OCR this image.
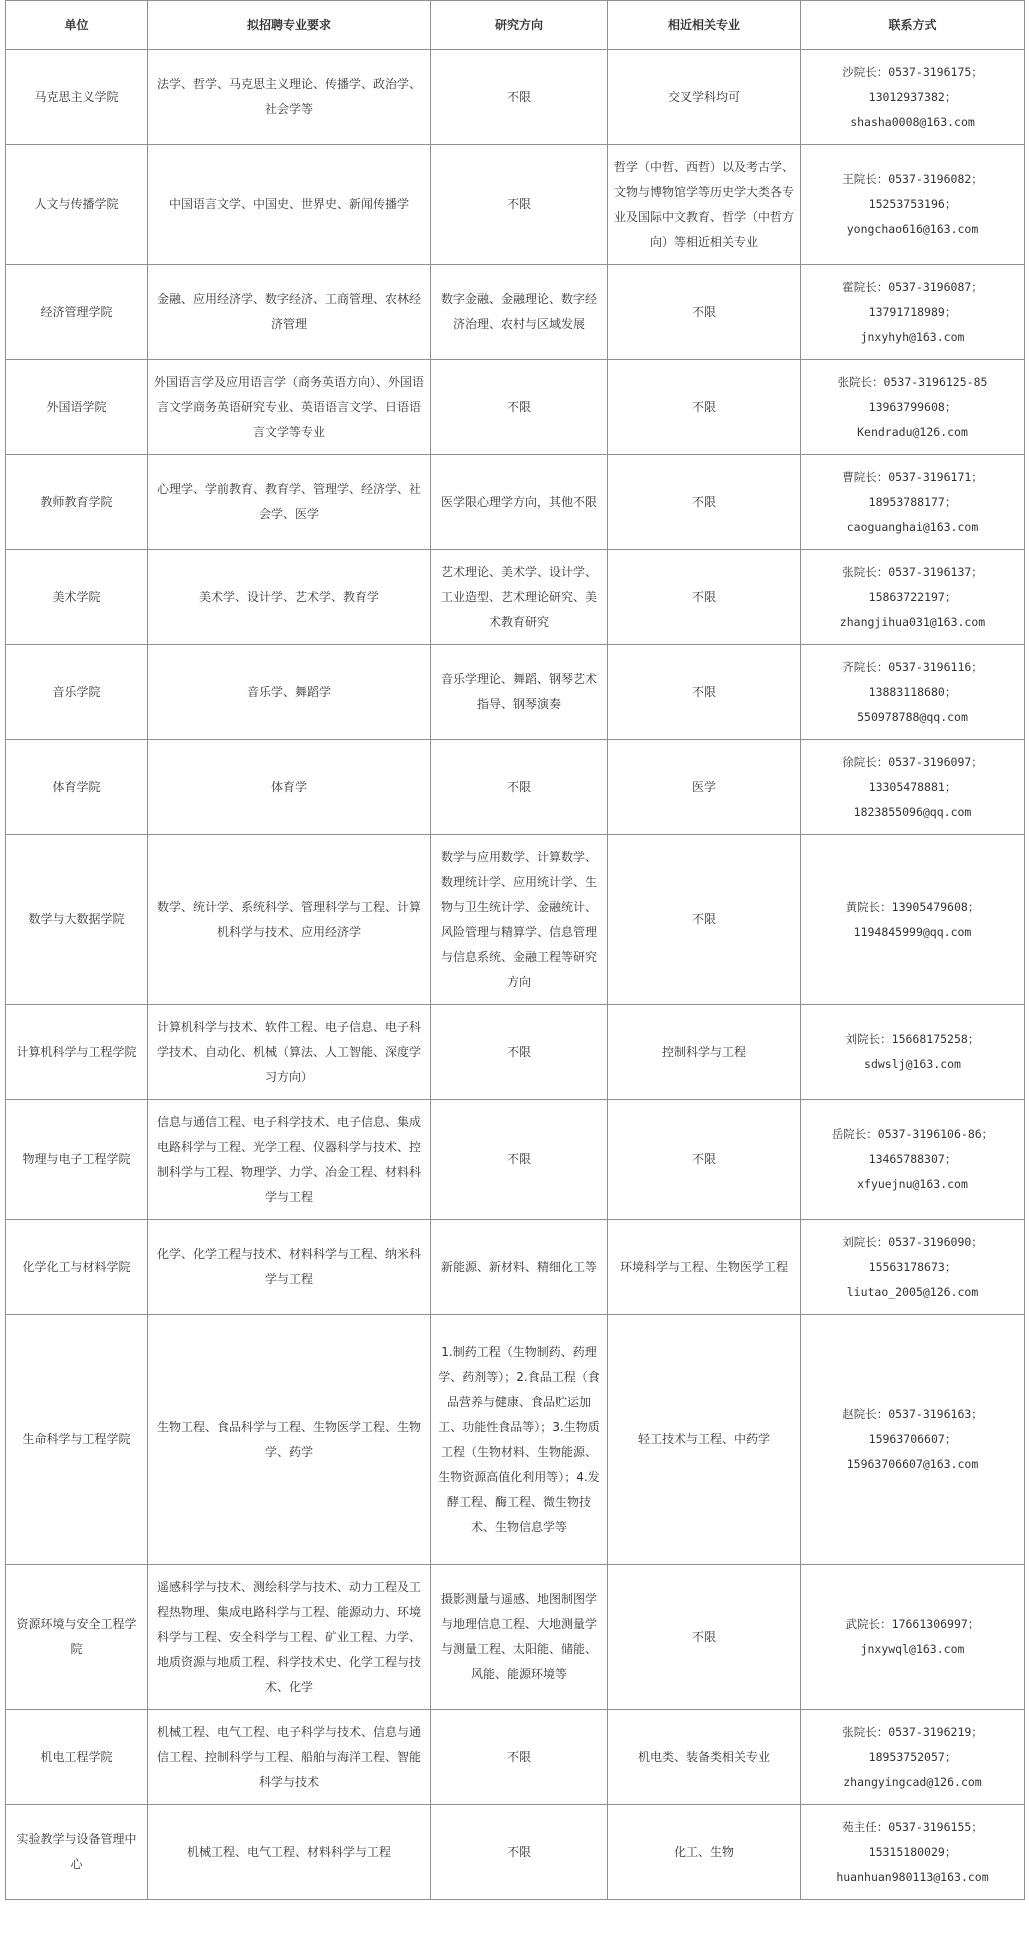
单位	拟招聘专业要求	研究方向	相近相关专业	联系方式
马克思主义学院	法学、哲学、马克思主义理论、传播学、政治学、社会学等	不限	交叉学科均可	沙院长：0537-3196175；
13012937382；
shasha0008@163.com

人文与传播学院	中国语言文学、中国史、世界史、新闻传播学	不限	哲学（中哲、西哲）以及考古学、文物与博物馆学等历史学大类各专业及国际中文教育、哲学（中哲方向）等相近相关专业	王院长：0537-3196082；
15253753196；
yongchao616@163.com

经济管理学院	金融、应用经济学、数字经济、工商管理、农林经济管理	数字金融、金融理论、数字经济治理、农村与区域发展	不限	霍院长：0537-3196087；
13791718989；
jnxyhyh@163.com

外国语学院	外国语言学及应用语言学（商务英语方向）、外国语言文学商务英语研究专业、英语语言文学、日语语言文学等专业	不限	不限	张院长：0537-3196125-85
13963799608；
Kendradu@126.com

教师教育学院	心理学、学前教育、教育学、管理学、经济学、社会学、医学	医学限心理学方向，其他不限	不限	曹院长：0537-3196171；
18953788177；
caoguanghai@163.com

美术学院	美术学、设计学、艺术学、教育学	艺术理论、美术学、设计学、工业造型、艺术理论研究、美术教育研究	不限	张院长：0537-3196137；
15863722197；
zhangjihua031@163.com

音乐学院	音乐学、舞蹈学	音乐学理论、舞蹈、钢琴艺术指导、钢琴演奏	不限	齐院长：0537-3196116；
13883118680；
550978788@qq.com

体育学院	体育学	不限	医学	徐院长：0537-3196097；
13305478881；
1823855096@qq.com

数学与大数据学院	数学、统计学、系统科学、管理科学与工程、计算机科学与技术、应用经济学	数学与应用数学、计算数学、数理统计学、应用统计学、生物与卫生统计学、金融统计、风险管理与精算学、信息管理与信息系统、金融工程等研究方向	不限	黄院长：13905479608；
1194845999@qq.com

计算机科学与工程学院	计算机科学与技术、软件工程、电子信息、电子科学技术、自动化、机械（算法、人工智能、深度学习方向）	不限	控制科学与工程	刘院长：15668175258；
sdwslj@163.com

物理与电子工程学院	信息与通信工程、电子科学技术、电子信息、集成电路科学与工程、光学工程、仪器科学与技术、控制科学与工程、物理学、力学、冶金工程、材料科学与工程	不限	不限	岳院长：0537-3196106-86；
13465788307；
xfyuejnu@163.com

化学化工与材料学院	化学、化学工程与技术、材料科学与工程、纳米科学与工程	新能源、新材料、精细化工等	环境科学与工程、生物医学工程	刘院长：0537-3196090；
15563178673；
liutao_2005@126.com

生命科学与工程学院	生物工程、食品科学与工程、生物医学工程、生物学、药学	1.制药工程（生物制药、药理学、药剂等）；2.食品工程（食品营养与健康、食品贮运加工、功能性食品等）；3.生物质工程（生物材料、生物能源、生物资源高值化利用等）；4.发酵工程、酶工程、微生物技术、生物信息学等	轻工技术与工程、中药学	赵院长：0537-3196163；
15963706607；
15963706607@163.com

资源环境与安全工程学院	遥感科学与技术、测绘科学与技术、动力工程及工程热物理、集成电路科学与工程、能源动力、环境科学与工程、安全科学与工程、矿业工程、力学、地质资源与地质工程、科学技术史、化学工程与技术、化学	摄影测量与遥感、地图制图学与地理信息工程、大地测量学与测量工程、太阳能、储能、风能、能源环境等	不限	武院长：17661306997；
jnxywql@163.com

机电工程学院	机械工程、电气工程、电子科学与技术、信息与通信工程、控制科学与工程、船舶与海洋工程、智能科学与技术	不限	机电类、装备类相关专业	张院长：0537-3196219；
18953752057；
zhangyingcad@126.com

实验教学与设备管理中心	机械工程、电气工程、材料科学与工程	不限	化工、生物	苑主任：0537-3196155；
15315180029；
huanhuan980113@163.com
